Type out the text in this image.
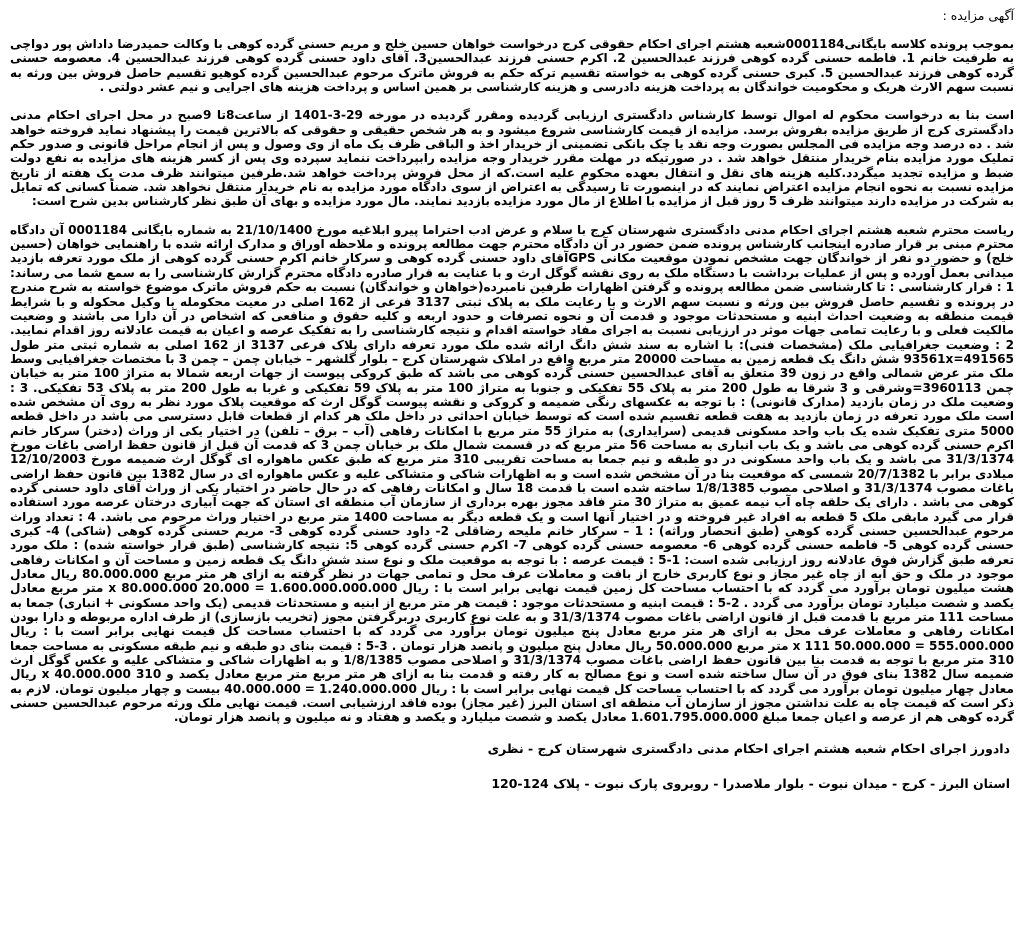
آگهی مزایده :

بموجب پرونده کلاسه بایگانی0001184شعبه هشتم اجرای احکام حقوقی کرج درخواست خواهان حسین خلج و مریم حسنی گرده کوهی با وکالت حمیدرضا داداش پور دواچی به طرفیت خانم 1. فاطمه حسنی گرده کوهی فرزند عبدالحسین 2. اکرم حسنی فرزند عبدالحسین3. آقای داود حسنی گرده کوهی فرزند عبدالحسین 4. معصومه حسنی گرده کوهی فرزند عبدالحسین 5. کبری حسنی گرده کوهی به خواسته تقسیم ترکه حکم به فروش ماترک مرحوم عبدالحسین گرده کوهیو تقسیم حاصل فروش بین ورثه به نسبت سهم الارث هریک و محکومیت خواندگان به پرداخت هزینه دادرسی و هزینه کارشناسی بر همین اساس و پرداخت هزینه های اجرایی و نیم عشر دولتی .

است بنا به درخواست محکوم له اموال توسط کارشناس دادگستری ارزیابی گردیده ومقرر گردیده در مورخه 29-3-1401 از ساعت8تا 9صبح در محل اجرای احکام مدنی دادگستری کرج از طریق مزایده بفروش برسد. مزایده از قیمت کارشناسی شروع میشود و به هر شخص حقیقی و حقوقی که بالاترین قیمت را پیشنهاد نماید فروخته خواهد شد . ده درصد وجه مزایده فی المجلس بصورت وجه نقد یا چک بانکی تضمینی از خریدار اخذ و الباقی ظرف یک ماه از وی وصول و پس از انجام مراحل قانونی و صدور حکم تملیک مورد مزایده بنام خریدار منتقل خواهد شد . در صورتیکه در مهلت مقرر خریدار وجه مزایده رابپرداخت ننماید سپرده وی پس از کسر هزینه های مزایده به نفع دولت ضبط و مزایده تجدید میگردد.کلیه هزینه های نقل و انتقال بعهده محکوم علیه است.که از محل فروش پرداخت خواهد شد.طرفین میتوانند ظرف مدت یک هفته از تاریخ مزایده نسبت به نحوه انجام مزایده اعتراض نمایند که در اینصورت تا رسیدگی به اعتراض از سوی دادگاه مورد مزایده به نام خریدار منتقل نخواهد شد. ضمناً کسانی که تمایل به شرکت در مزایده دارند میتوانند ظرف 5 روز قبل از مزایده با اطلاع از مال مورد مزایده بازدید نمایند. مال مورد مزایده و بهای آن طبق نظر کارشناس بدین شرح است:

ریاست محترم شعبه هشتم اجرای احکام مدنی دادگستری شهرستان کرج با سلام و عرض ادب احتراما پیرو ابلاغیه مورخ 21/10/1400 به شماره بایگانی 0001184 آن دادگاه محترم مبنی بر قرار صادره اینجانب کارشناس پرونده ضمن حضور در آن دادگاه محترم جهت مطالعه پرونده و ملاحظه اوراق و مدارک ارائه شده با راهنمایی خواهان (حسین خلج) و حضور دو نفر از خواندگان جهت مشخص نمودن موقعیت مکانی GPSآقای داود حسنی گرده کوهی و سرکار خانم اکرم حسنی گرده کوهی از ملک مورد تعرفه بازدید میدانی بعمل آورده و پس از عملیات برداشت با دستگاه ملک به روی نقشه گوگل ارث و با عنایت به قرار صادره دادگاه محترم گزارش کارشناسی را به سمع شما می رساند: 1 : قرار کارشناسی : تا کارشناسی ضمن مطالعه پرونده و گرفتن اظهارات طرفین نامبرده(خواهان و خواندگان) نسبت به حکم فروش ماترک موضوع خواسته به شرح مندرج در پرونده و تقسیم حاصل فروش بین ورثه و نسبت سهم الارث و با رعایت ملک به پلاک ثبتی 3137 فرعی از 162 اصلی در معیت محکومله با وکیل محکوله و با شرایط قیمت منطقه به وضعیت احداث ابنیه و مستحدثات موجود و قدمت آن و نحوه تصرفات و حدود اربعه و کلیه حقوق و منافعی که اشخاص در آن دارا می باشند و وضعیت مالکیت فعلی و با رعایت تمامی جهات موثر در ارزیابی نسبت به اجرای مفاد خواسته اقدام و نتیجه کارشناسی را به تفکیک عرصه و اعیان به قیمت عادلانه روز اقدام نمایید. 2 : وضعیت جغرافیایی ملک (مشخصات فنی): با اشاره به سند شش دانگ ارائه شده ملک مورد تعرفه دارای پلاک فرعی 3137 از 162 اصلی به شماره ثبتی متر طول 491565=93561x شش دانگ یک قطعه زمین به مساحت 20000 متر مربع واقع در املاک شهرستان کرج – بلوار گلشهر – خیابان چمن – چمن 3 با مختصات جغرافیایی وسط ملک متر عرض شمالی واقع در زون 39 متعلق به آقای عبدالحسین حسنی گرده کوهی می باشد که طبق کروکی پیوست از جهات اربعه شمالا به متراژ 100 متر به خیابان چمن 3960113=وشرقی و 3 شرقا به طول 200 متر به پلاک 55 تفکیکی و جنوبا به متراژ 100 متر به پلاک 59 تفکیکی و غربا به طول 200 متر به پلاک 53 تفکیکی. 3 : وضعیت ملک در زمان بازدید (مدارک قانونی) : با توجه به عکسهای رنگی ضمیمه و کروکی و نقشه پیوست گوگل ارث که موقعیت پلاک مورد نظر به روی آن مشخص شده است ملک مورد تعرفه در زمان بازدید به هفت قطعه تقسیم شده است که توسط خیابان احداثی در داخل ملک هر کدام از قطعات قابل دسترسی می باشد در داخل قطعه 5000 متری تفکیک شده یک باب واحد مسکونی قدیمی (سرایداری) به متراژ 55 متر مربع با امکانات رفاهی (آب – برق – تلفن) در اختیار یکی از وراث (دختر) سرکار خانم اکرم حسنی گرده کوهی می باشد و یک باب انباری به مساحت 56 متر مربع که در قسمت شمال ملک بر خیابان چمن 3 که قدمت آن قبل از قانون حفظ اراضی باغات مورخ 31/3/1374 می باشد و یک باب واحد مسکونی در دو طبقه و نیم جمعا به مساحت تقریبی 310 متر مربع که طبق عکس ماهواره ای گوگل ارث ضمیمه مورخ 12/10/2003 میلادی برابر با 20/7/1382 شمسی که موقعیت بنا در آن مشخص شده است و به اظهارات شاکی و متشاکی علیه و عکس ماهواره ای در سال 1382 بین قانون حفظ اراضی باغات مصوب 31/3/1374 و اصلاحی مصوب 1/8/1385 ساخته شده است با قدمت 18 سال و امکانات رفاهی که در حال حاضر در اختیار یکی از وراث آقای داود حسنی گرده کوهی می باشد . دارای یک حلقه چاه آب نیمه عمیق به متراژ 30 متر فاقد مجوز بهره برداری از سازمان آب منطقه ای استان که جهت آبیاری درختان عرصه مورد استفاده قرار می گیرد مابقی ملک 5 قطعه به افراد غیر فروخته و در اختیار آنها است و یک قطعه دیگر به مساحت 1400 متر مربع در اختیار وراث مرحوم می باشد. 4 : تعداد وراث مرحوم عبدالحسین حسنی گرده کوهی (طبق انحصار وراثه) : 1 – سرکار خانم ملیحه رضاقلی 2- داود حسنی گرده کوهی 3- مریم حسنی گرده کوهی (شاکی) 4- کبری حسنی گرده کوهی 5- فاطمه حسنی گرده کوهی 6- معصومه حسنی گرده کوهی 7- اکرم حسنی گرده کوهی 5: نتیجه کارشناسی (طبق قرار خواسته شده) : ملک مورد تعرفه طبق گزارش فوق عادلانه روز ارزیابی شده است: 1-5 : قیمت عرصه : با توجه به موقعیت ملک و نوع سند شش دانگ یک قطعه زمین و مساحت آن و امکانات رفاهی موجود در ملک و حق آبه از چاه غیر مجاز و نوع کاربری خارج از بافت و معاملات عرف محل و تمامی جهات در نظر گرفته به ازای هر متر مربع 80.000.000 ریال معادل هشت میلیون تومان برآورد می گردد که با احتساب مساحت کل زمین قیمت نهایی برابر است با : ریال 1.600.000.000.000 = 20.000 x 80.000.000 متر مربع معادل یکصد و شصت میلیارد تومان برآورد می گردد . 2-5 : قیمت ابنیه و مستحدثات موجود : قیمت هر متر مربع از ابنیه و مستحدثات قدیمی (یک واحد مسکونی + انباری) جمعا به مساحت 111 متر مربع با قدمت قبل از قانون اراضی باغات مصوب 31/3/1374 و به علت نوع کاربری دربرگرفتن مجوز (تخریب بازسازی) از طرف اداره مربوطه و دارا بودن امکانات رفاهی و معاملات عرف محل به ازای هر متر مربع معادل پنج میلیون تومان برآورد می گردد که با احتساب مساحت کل قیمت نهایی برابر است با : ریال 555.000.000 = 50.000.000 x 111 متر مربع 50.000.000 ریال معادل پنج میلیون و پانصد هزار تومان . 3-5 : قیمت بنای دو طبقه و نیم طبقه مسکونی به مساحت جمعا 310 متر مربع با توجه به قدمت بنا بین قانون حفظ اراضی باغات مصوب 31/3/1374 و اصلاحی مصوب 1/8/1385 و به اظهارات شاکی و متشاکی علیه و عکس گوگل ارث ضمیمه سال 1382 بنای فوق در آن سال ساخته شده است و نوع مصالح به کار رفته و قدمت بنا به ازای هر متر مربع متر مربع معادل یکصد و 310 x 40.000.000 ریال معادل چهار میلیون تومان برآورد می گردد که با احتساب مساحت کل قیمت نهایی برابر است با : ریال 1.240.000.000 = 40.000.000 بیست و چهار میلیون تومان. لازم به ذکر است که قیمت چاه به علت نداشتن مجوز از سازمان آب منطقه ای استان البرز (غیر مجاز) بوده فاقد ارزشیابی است. قیمت نهایی ملک ورثه مرحوم عبدالحسین حسنی گرده کوهی هم از عرصه و اعیان جمعا مبلغ 1.601.795.000.000 معادل یکصد و شصت میلیارد و یکصد و هفتاد و نه میلیون و پانصد هزار تومان.

دادورز اجرای احکام شعبه هشتم اجرای احکام مدنی دادگستری شهرستان کرج - نظری
استان البرز - کرج - میدان نبوت - بلوار ملاصدرا - روبروی پارک نبوت - پلاک 124-120
